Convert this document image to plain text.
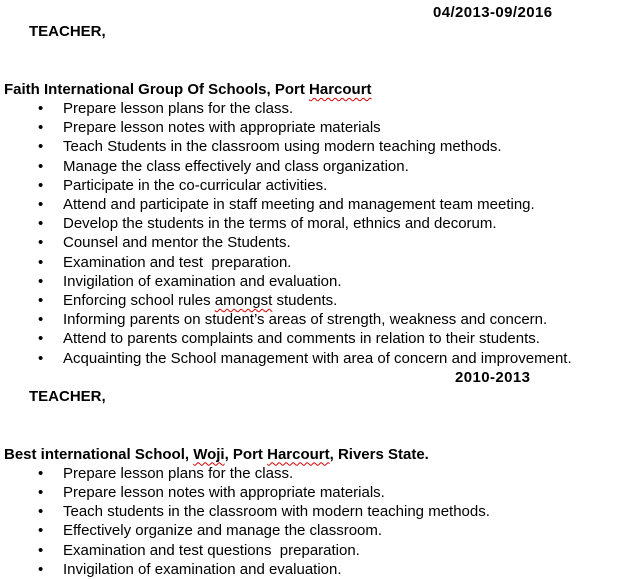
TEACHER,

04/2013-09/2016

Faith International Group Of Schools, Port Harcourt
• Prepare lesson plans for the class.
• Prepare lesson notes with appropriate materials
• Teach Students in the classroom using modern teaching methods.
• Manage the class effectively and class organization.
• Participate in the co-curricular activities.
• Attend and participate in staff meeting and management team meeting.
• Develop the students in the terms of moral, ethnics and decorum.
• Counsel and mentor the Students.
• Examination and test  preparation.
• Invigilation of examination and evaluation.
• Enforcing school rules amongst students.
• Informing parents on student’s areas of strength, weakness and concern.
• Attend to parents complaints and comments in relation to their students.
• Acquainting the School management with area of concern and improvement.

TEACHER,

2010-2013

Best international School, Woji, Port Harcourt, Rivers State.
• Prepare lesson plans for the class.
• Prepare lesson notes with appropriate materials.
• Teach students in the classroom with modern teaching methods.
• Effectively organize and manage the classroom.
• Examination and test questions  preparation.
• Invigilation of examination and evaluation.
